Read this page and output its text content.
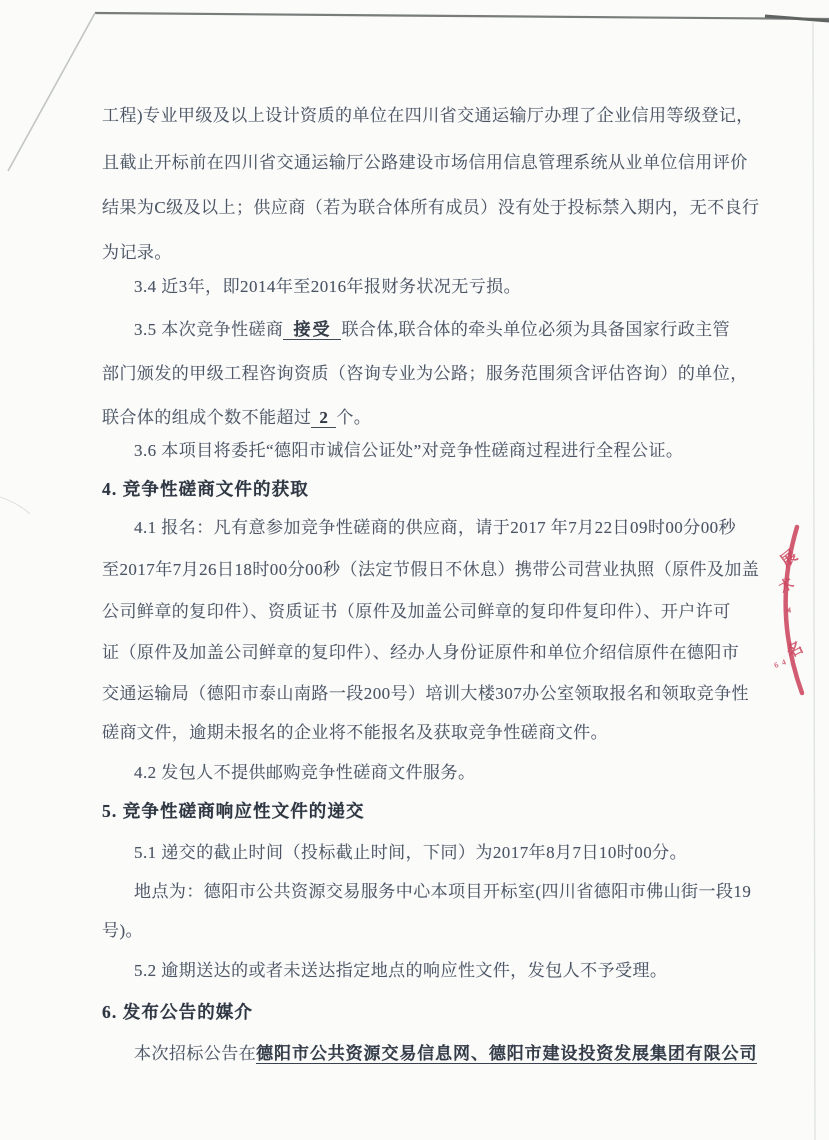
工程)专业甲级及以上设计资质的单位在四川省交通运输厅办理了企业信用等级登记，
且截止开标前在四川省交通运输厅公路建设市场信用信息管理系统从业单位信用评价
结果为C级及以上；供应商（若为联合体所有成员）没有处于投标禁入期内，无不良行
为记录。
3.4 近3年，即2014年至2016年报财务状况无亏损。
3.5 本次竞争性磋商 接受 联合体,联合体的牵头单位必须为具备国家行政主管
部门颁发的甲级工程咨询资质（咨询专业为公路；服务范围须含评估咨询）的单位，
联合体的组成个数不能超过 2 个。
3.6 本项目将委托“德阳市诚信公证处”对竞争性磋商过程进行全程公证。
4. 竞争性磋商文件的获取
4.1 报名：凡有意参加竞争性磋商的供应商，请于2017 年7月22日09时00分00秒
至2017年7月26日18时00分00秒（法定节假日不休息）携带公司营业执照（原件及加盖
公司鲜章的复印件）、资质证书（原件及加盖公司鲜章的复印件复印件）、开户许可
证（原件及加盖公司鲜章的复印件）、经办人身份证原件和单位介绍信原件在德阳市
交通运输局（德阳市泰山南路一段200号）培训大楼307办公室领取报名和领取竞争性
磋商文件，逾期未报名的企业将不能报名及获取竞争性磋商文件。
4.2 发包人不提供邮购竞争性磋商文件服务。
5. 竞争性磋商响应性文件的递交
5.1 递交的截止时间（投标截止时间，下同）为2017年8月7日10时00分。
地点为：德阳市公共资源交易服务中心本项目开标室(四川省德阳市佛山街一段19
号)。
5.2 逾期送达的或者未送达指定地点的响应性文件，发包人不予受理。
6. 发布公告的媒介
本次招标公告在德阳市公共资源交易信息网、德阳市建设投资发展集团有限公司
展
术
▲
名
6 4
